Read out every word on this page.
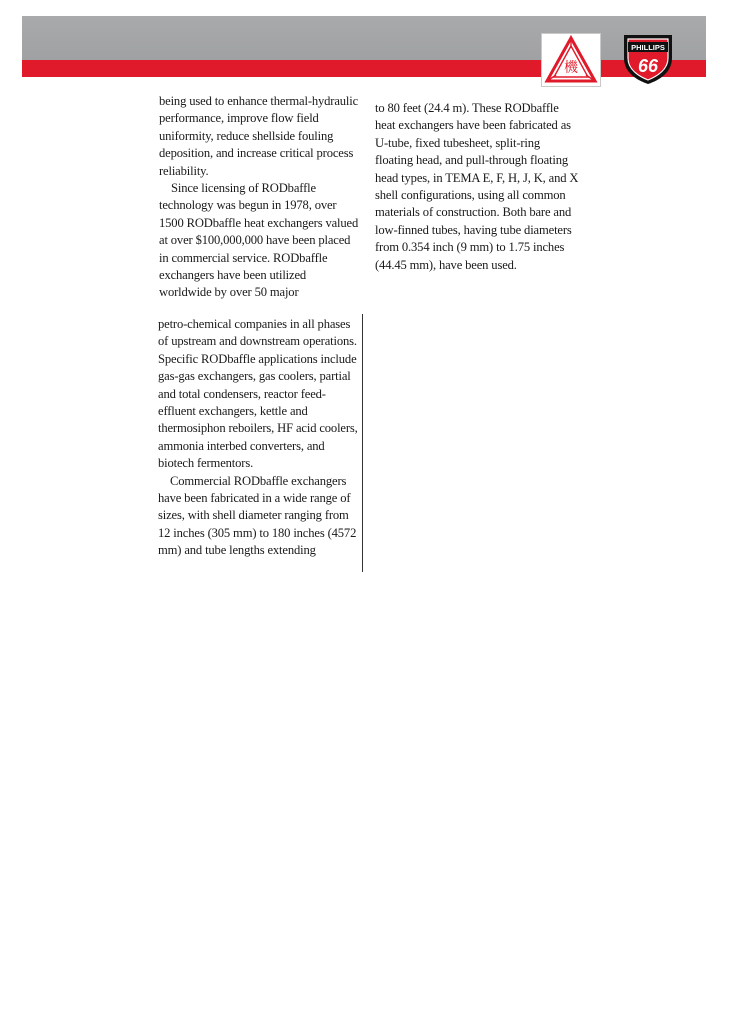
機
PHILLIPS
66

being used to enhance thermal-hydraulic performance, improve flow field uniformity, reduce shellside fouling deposition, and increase critical process reliability.

Since licensing of RODbaffle technology was begun in 1978, over 1500 RODbaffle heat exchangers valued at over $100,000,000 have been placed in commercial service. RODbaffle exchangers have been utilized worldwide by over 50 major

petro-chemical companies in all phases of upstream and downstream operations. Specific RODbaffle applications include gas-gas exchangers, gas coolers, partial and total condensers, reactor feed-effluent exchangers, kettle and thermosiphon reboilers, HF acid coolers, ammonia interbed converters, and biotech fermentors.

Commercial RODbaffle exchangers have been fabricated in a wide range of sizes, with shell diameter ranging from 12 inches (305 mm) to 180 inches (4572 mm) and tube lengths extending

to 80 feet (24.4 m). These RODbaffle heat exchangers have been fabricated as U-tube, fixed tubesheet, split-ring floating head, and pull-through floating head types, in TEMA E, F, H, J, K, and X shell configurations, using all common materials of construction. Both bare and low-finned tubes, having tube diameters from 0.354 inch (9 mm) to 1.75 inches (44.45 mm), have been used.
